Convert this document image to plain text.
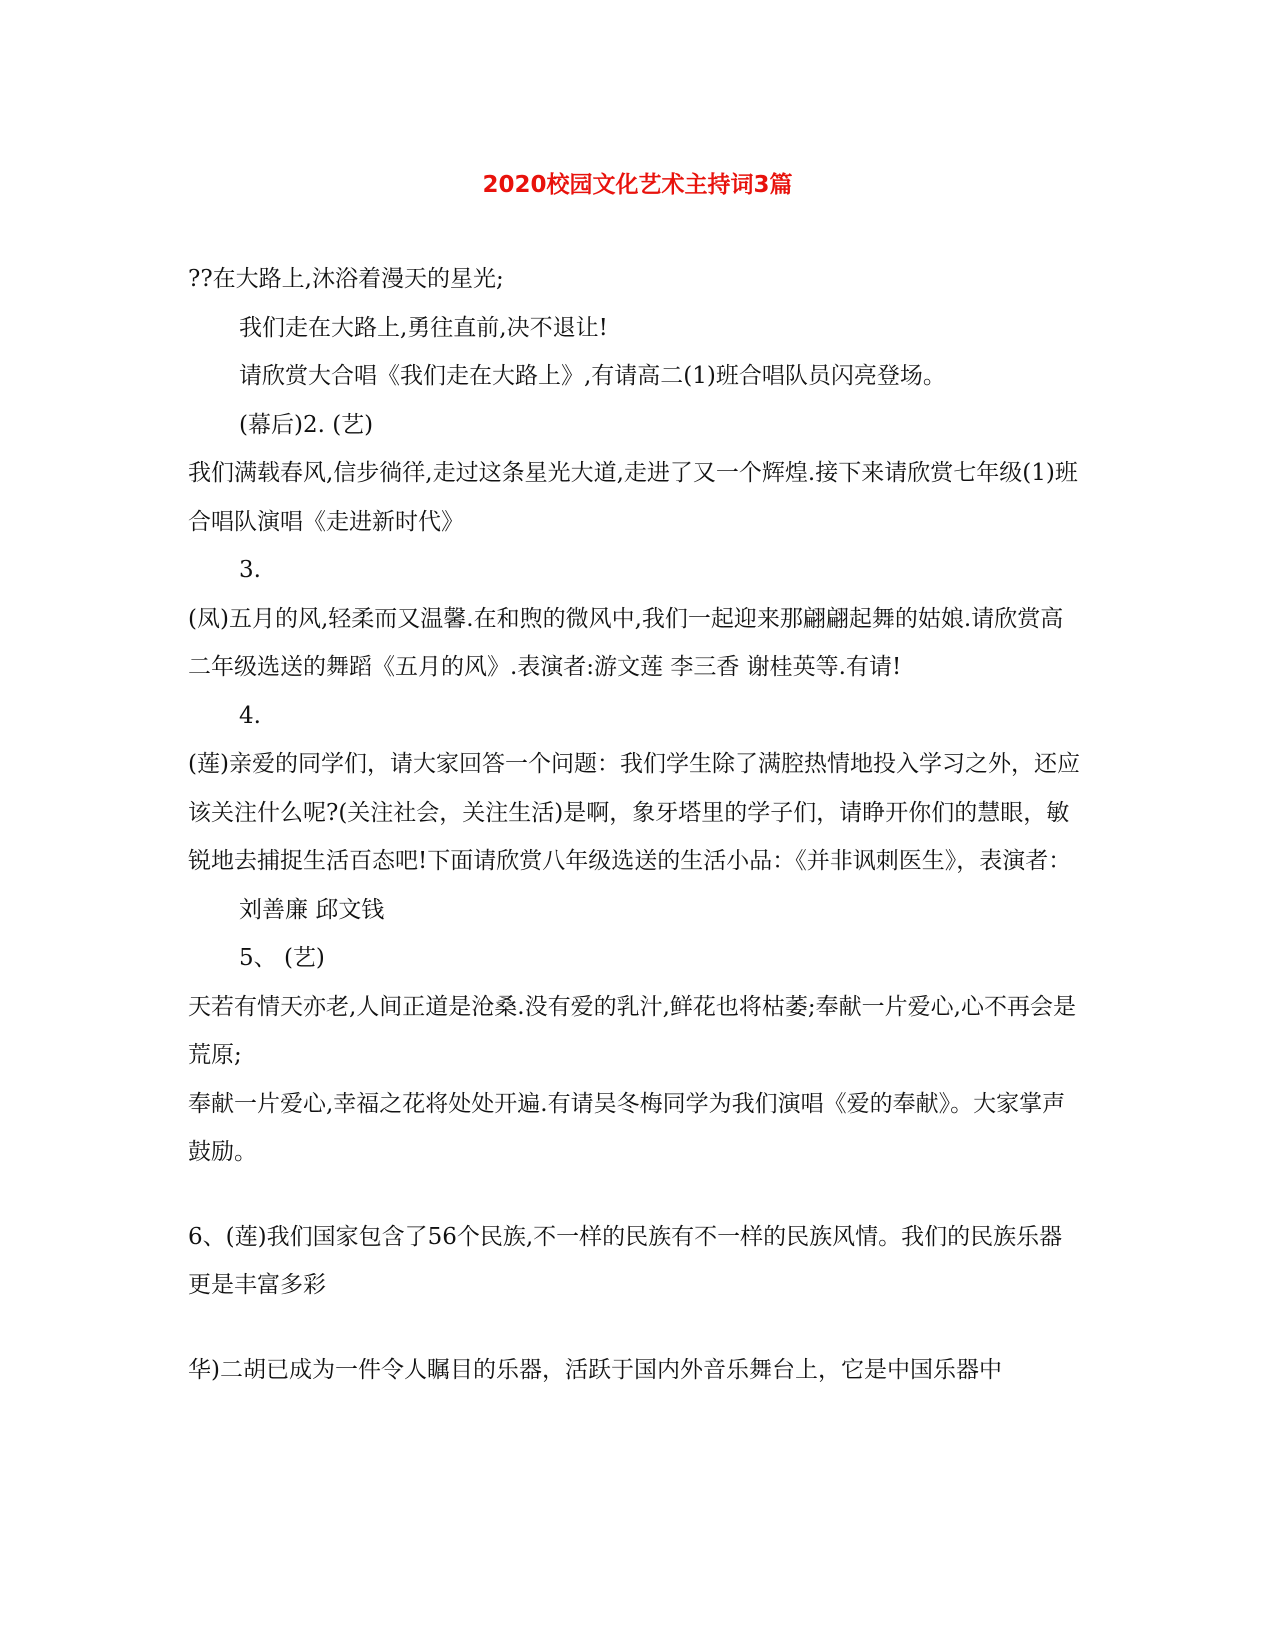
2020校园文化艺术主持词3篇

??在大路上,沐浴着漫天的星光;

我们走在大路上,勇往直前,决不退让!

请欣赏大合唱《我们走在大路上》,有请高二(1)班合唱队员闪亮登场。

(幕后)2. (艺)

我们满载春风,信步徜徉,走过这条星光大道,走进了又一个辉煌.接下来请欣赏七年级(1)班合唱队演唱《走进新时代》

3.

(凤)五月的风,轻柔而又温馨.在和煦的微风中,我们一起迎来那翩翩起舞的姑娘.请欣赏高二年级选送的舞蹈《五月的风》.表演者:游文莲 李三香 谢桂英等.有请!

4.

(莲)亲爱的同学们，请大家回答一个问题：我们学生除了满腔热情地投入学习之外，还应该关注什么呢?(关注社会，关注生活)是啊，象牙塔里的学子们，请睁开你们的慧眼，敏锐地去捕捉生活百态吧!下面请欣赏八年级选送的生活小品：《并非讽刺医生》，表演者：

刘善廉 邱文钱

5、 (艺)

天若有情天亦老,人间正道是沧桑.没有爱的乳汁,鲜花也将枯萎;奉献一片爱心,心不再会是荒原;

奉献一片爱心,幸福之花将处处开遍.有请吴冬梅同学为我们演唱《爱的奉献》。大家掌声鼓励。

6、(莲)我们国家包含了56个民族,不一样的民族有不一样的民族风情。我们的民族乐器更是丰富多彩

华)二胡已成为一件令人瞩目的乐器，活跃于国内外音乐舞台上，它是中国乐器中
